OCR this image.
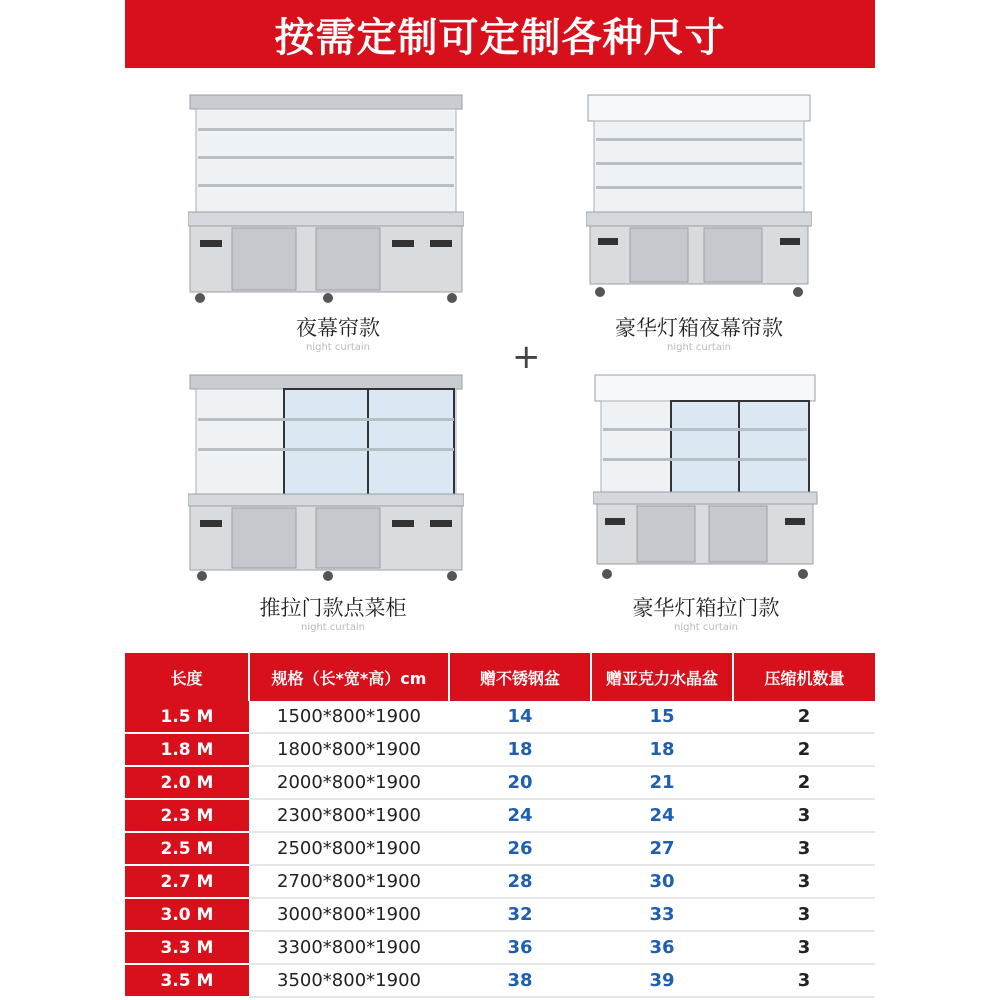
按需定制可定制各种尺寸
夜幕帘款
night curtain
豪华灯箱夜幕帘款
night curtain
+
推拉门款点菜柜
night curtain
豪华灯箱拉门款
night curtain
长度	规格（长*宽*高）cm	赠不锈钢盆	赠亚克力水晶盆	压缩机数量
1.5 M	1500*800*1900	14	15	2
1.8 M	1800*800*1900	18	18	2
2.0 M	2000*800*1900	20	21	2
2.3 M	2300*800*1900	24	24	3
2.5 M	2500*800*1900	26	27	3
2.7 M	2700*800*1900	28	30	3
3.0 M	3000*800*1900	32	33	3
3.3 M	3300*800*1900	36	36	3
3.5 M	3500*800*1900	38	39	3
